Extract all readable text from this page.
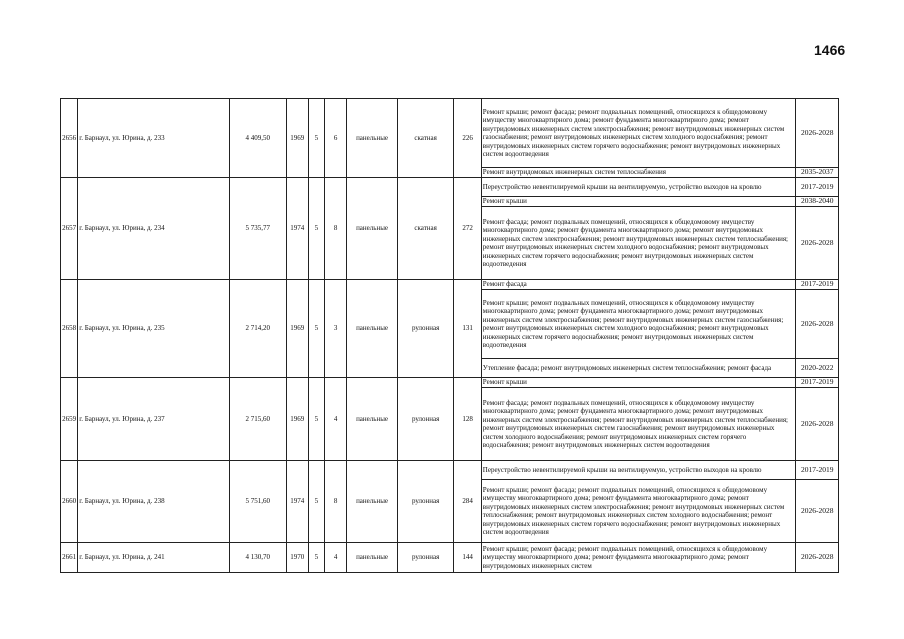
1466
2656	г. Барнаул, ул. Юрина, д. 233	4 409,50	1969	5	6	панельные	скатная	226	Ремонт крыши; ремонт фасада; ремонт подвальных помещений, относящихся к общедомовому имуществу многоквартирного дома; ремонт фундамента многоквартирного дома; ремонт внутридомовых инженерных систем электроснабжения; ремонт внутридомовых инженерных систем газоснабжения; ремонт внутридомовых инженерных систем холодного водоснабжения; ремонт внутридомовых инженерных систем горячего водоснабжения; ремонт внутридомовых инженерных систем водоотведения	2026-2028
									Ремонт внутридомовых инженерных систем теплоснабжения	2035-2037
2657	г. Барнаул, ул. Юрина, д. 234	5 735,77	1974	5	8	панельные	скатная	272	Переустройство невентилируемой крыши на вентилируемую, устройство выходов на кровлю	2017-2019
									Ремонт крыши	2038-2040
									Ремонт фасада; ремонт подвальных помещений, относящихся к общедомовому имуществу многоквартирного дома; ремонт фундамента многоквартирного дома; ремонт внутридомовых инженерных систем электроснабжения; ремонт внутридомовых инженерных систем теплоснабжения; ремонт внутридомовых инженерных систем холодного водоснабжения; ремонт внутридомовых инженерных систем горячего водоснабжения; ремонт внутридомовых инженерных систем водоотведения	2026-2028
2658	г. Барнаул, ул. Юрина, д. 235	2 714,20	1969	5	3	панельные	рулонная	131	Ремонт фасада	2017-2019
									Ремонт крыши; ремонт подвальных помещений, относящихся к общедомовому имуществу многоквартирного дома; ремонт фундамента многоквартирного дома; ремонт внутридомовых инженерных систем электроснабжения; ремонт внутридомовых инженерных систем газоснабжения; ремонт внутридомовых инженерных систем холодного водоснабжения; ремонт внутридомовых инженерных систем горячего водоснабжения; ремонт внутридомовых инженерных систем водоотведения	2026-2028
									Утепление фасада; ремонт внутридомовых инженерных систем теплоснабжения; ремонт фасада	2020-2022
2659	г. Барнаул, ул. Юрина, д. 237	2 715,60	1969	5	4	панельные	рулонная	128	Ремонт крыши	2017-2019
									Ремонт фасада; ремонт подвальных помещений, относящихся к общедомовому имуществу многоквартирного дома; ремонт фундамента многоквартирного дома; ремонт внутридомовых инженерных систем электроснабжения; ремонт внутридомовых инженерных систем теплоснабжения; ремонт внутридомовых инженерных систем газоснабжения; ремонт внутридомовых инженерных систем холодного водоснабжения; ремонт внутридомовых инженерных систем горячего водоснабжения; ремонт внутридомовых инженерных систем водоотведения	2026-2028
2660	г. Барнаул, ул. Юрина, д. 238	5 751,60	1974	5	8	панельные	рулонная	284	Переустройство невентилируемой крыши на вентилируемую, устройство выходов на кровлю	2017-2019
									Ремонт крыши; ремонт фасада; ремонт подвальных помещений, относящихся к общедомовому имуществу многоквартирного дома; ремонт фундамента многоквартирного дома; ремонт внутридомовых инженерных систем электроснабжения; ремонт внутридомовых инженерных систем теплоснабжения; ремонт внутридомовых инженерных систем холодного водоснабжения; ремонт внутридомовых инженерных систем горячего водоснабжения; ремонт внутридомовых инженерных систем водоотведения	2026-2028
2661	г. Барнаул, ул. Юрина, д. 241	4 130,70	1970	5	4	панельные	рулонная	144	Ремонт крыши; ремонт фасада; ремонт подвальных помещений, относящихся к общедомовому имуществу многоквартирного дома; ремонт фундамента многоквартирного дома; ремонт внутридомовых инженерных систем	2026-2028
